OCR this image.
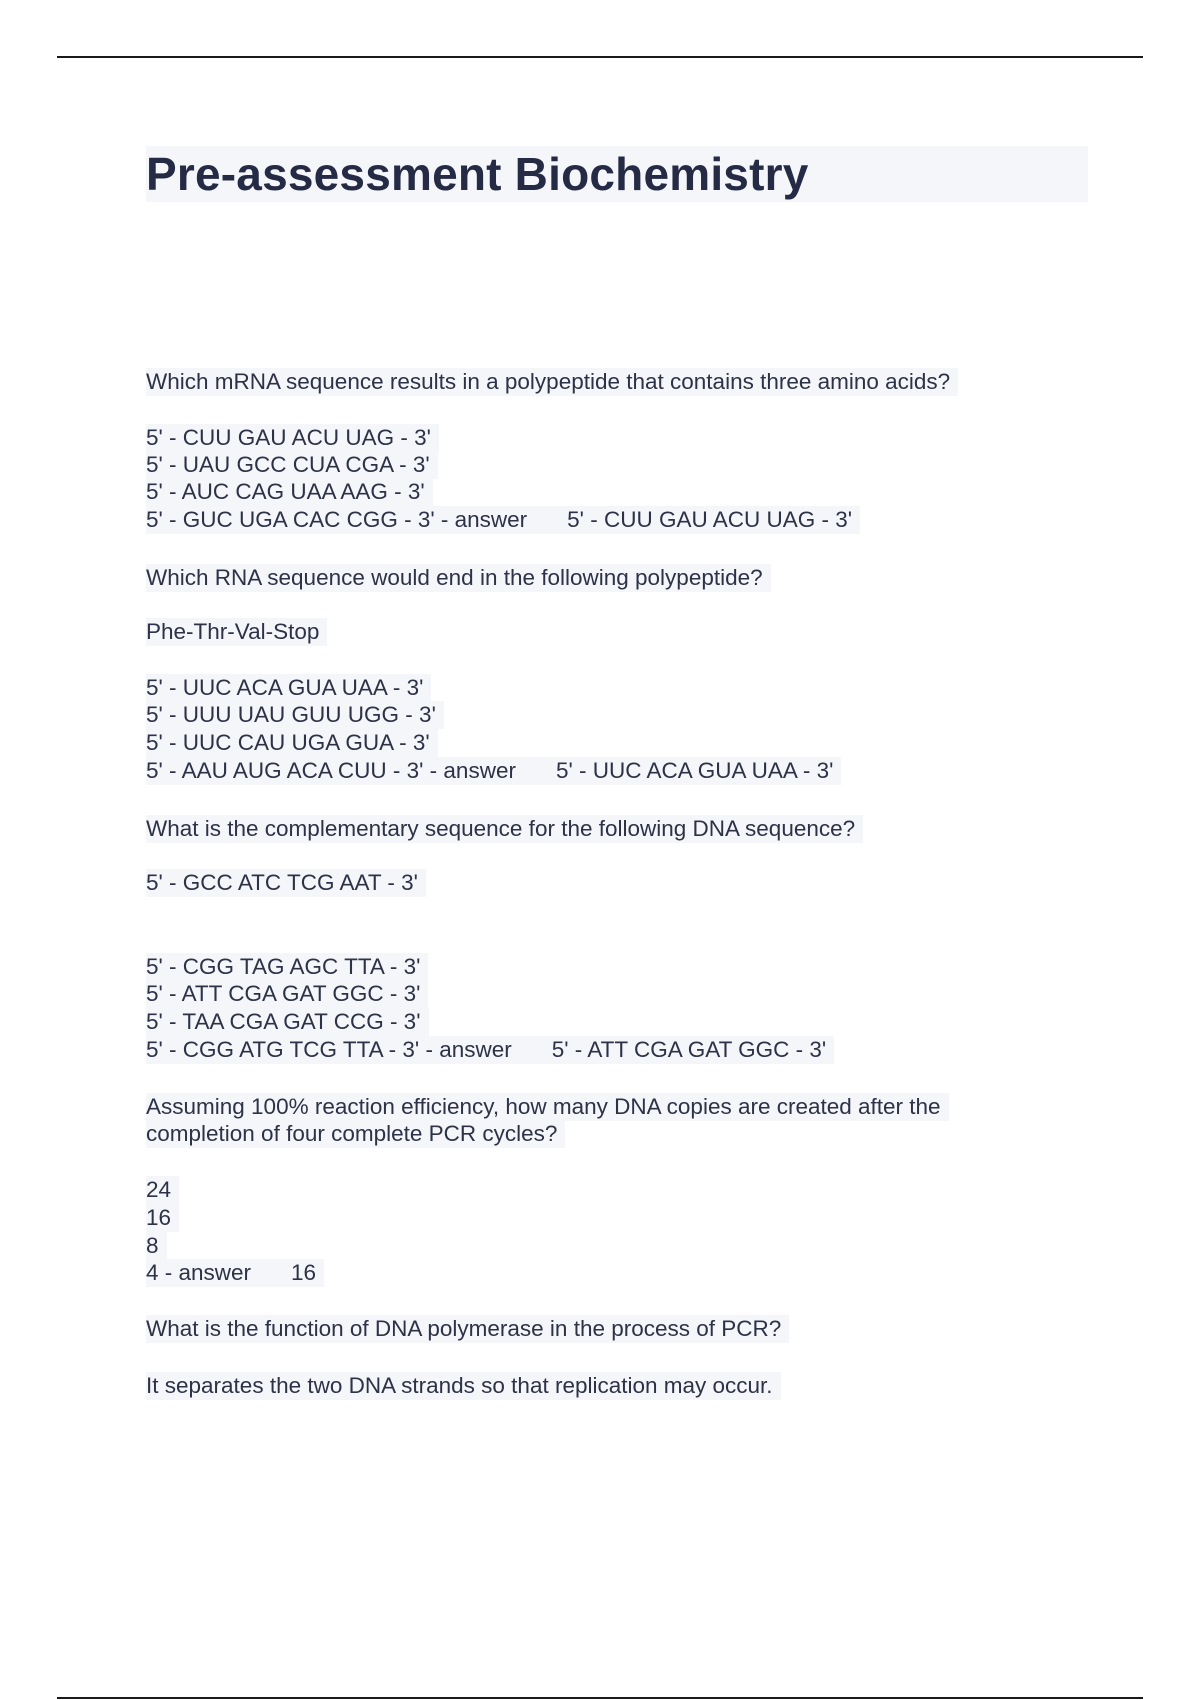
Pre-assessment Biochemistry
Which mRNA sequence results in a polypeptide that contains three amino acids?
5' - CUU GAU ACU UAG - 3'
5' - UAU GCC CUA CGA - 3'
5' - AUC CAG UAA AAG - 3'
5' - GUC UGA CAC CGG - 3' - answer 5' - CUU GAU ACU UAG - 3'
Which RNA sequence would end in the following polypeptide?
Phe-Thr-Val-Stop
5' - UUC ACA GUA UAA - 3'
5' - UUU UAU GUU UGG - 3'
5' - UUC CAU UGA GUA - 3'
5' - AAU AUG ACA CUU - 3' - answer 5' - UUC ACA GUA UAA - 3'
What is the complementary sequence for the following DNA sequence?
5' - GCC ATC TCG AAT - 3'
5' - CGG TAG AGC TTA - 3'
5' - ATT CGA GAT GGC - 3'
5' - TAA CGA GAT CCG - 3'
5' - CGG ATG TCG TTA - 3' - answer 5' - ATT CGA GAT GGC - 3'
Assuming 100% reaction efficiency, how many DNA copies are created after the
completion of four complete PCR cycles?
24
16
8
4 - answer 16
What is the function of DNA polymerase in the process of PCR?
It separates the two DNA strands so that replication may occur.
